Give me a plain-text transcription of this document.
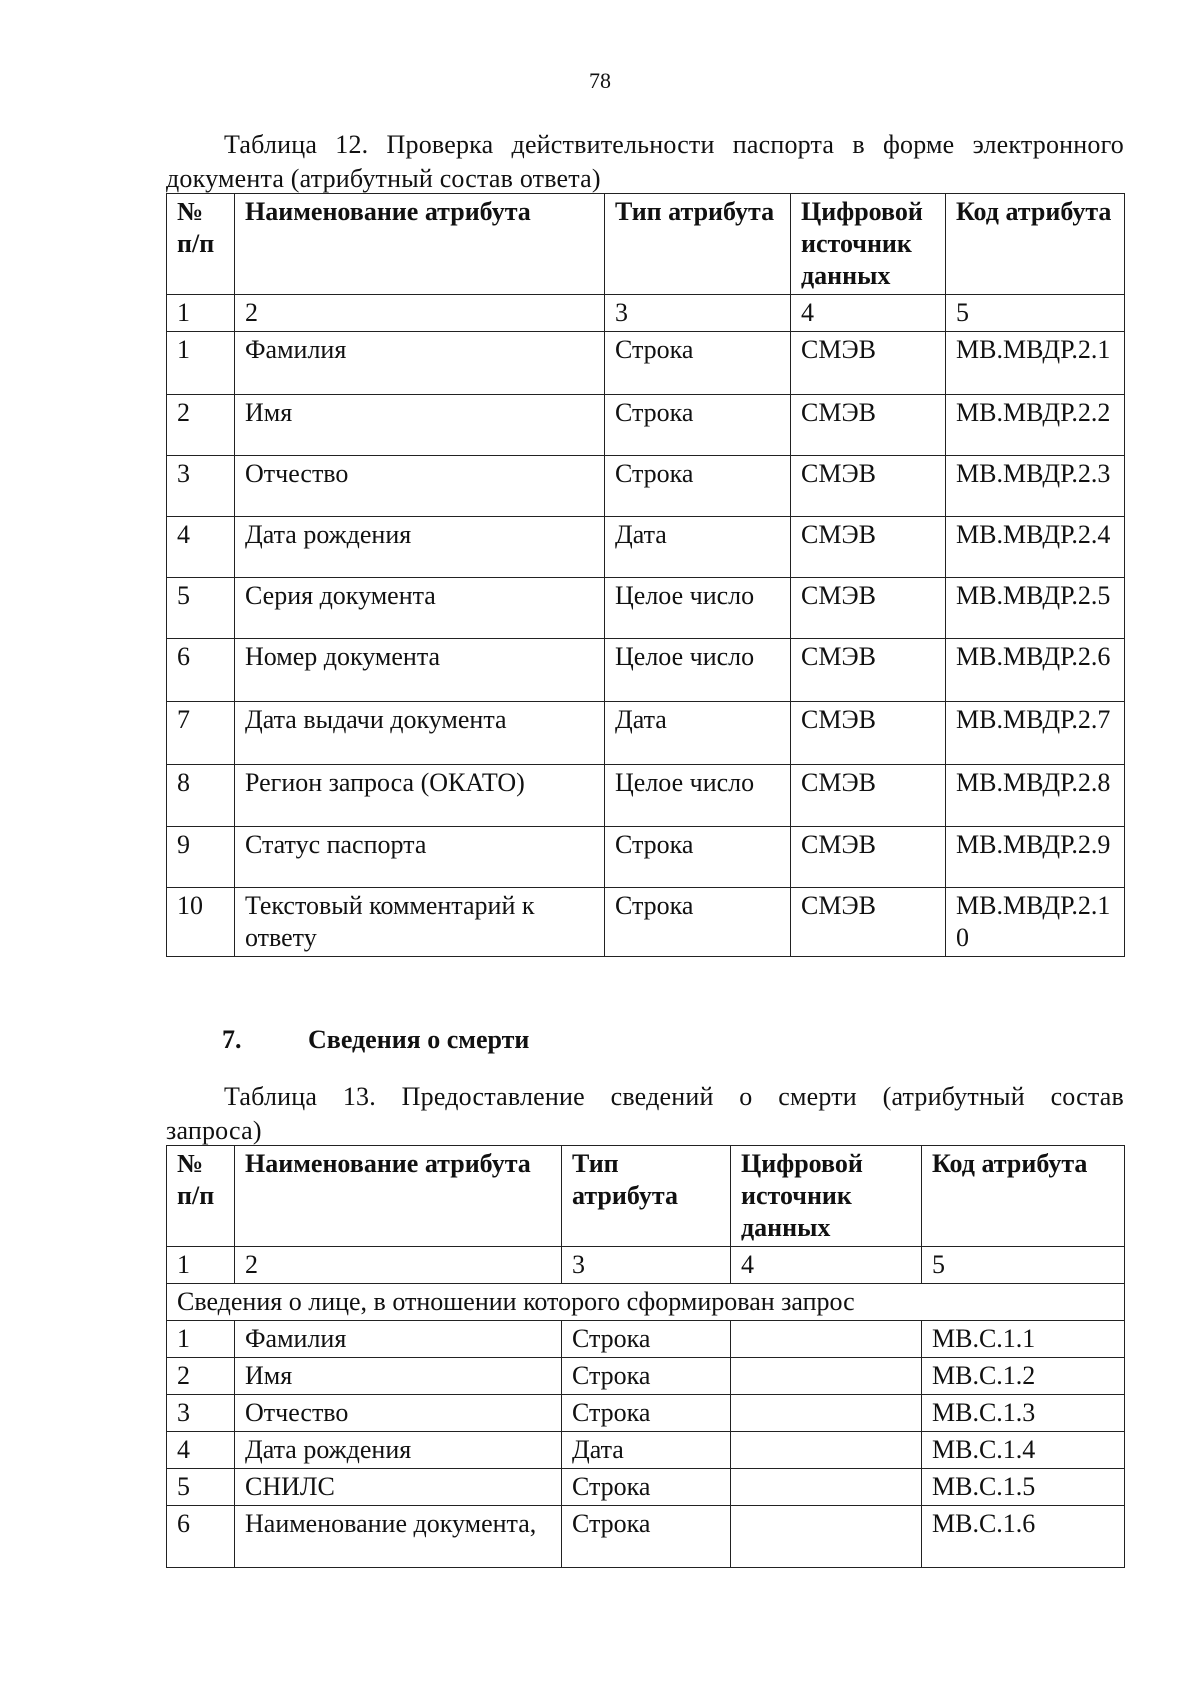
78
Таблица 12. Проверка действительности паспорта в форме электронного документа (атрибутный состав ответа)
№ п/п	Наименование атрибута	Тип атрибута	Цифровой источник данных	Код атрибута
1	2	3	4	5
1	Фамилия	Строка	СМЭВ	МВ.МВДР.2.1
2	Имя	Строка	СМЭВ	МВ.МВДР.2.2
3	Отчество	Строка	СМЭВ	МВ.МВДР.2.3
4	Дата рождения	Дата	СМЭВ	МВ.МВДР.2.4
5	Серия документа	Целое число	СМЭВ	МВ.МВДР.2.5
6	Номер документа	Целое число	СМЭВ	МВ.МВДР.2.6
7	Дата выдачи документа	Дата	СМЭВ	МВ.МВДР.2.7
8	Регион запроса (ОКАТО)	Целое число	СМЭВ	МВ.МВДР.2.8
9	Статус паспорта	Строка	СМЭВ	МВ.МВДР.2.9
10	Текстовый комментарий к ответу	Строка	СМЭВ	МВ.МВДР.2.10
7.	Сведения о смерти
Таблица 13. Предоставление сведений о смерти (атрибутный состав запроса)
№ п/п	Наименование атрибута	Тип атрибута	Цифровой источник данных	Код атрибута
1	2	3	4	5
Сведения о лице, в отношении которого сформирован запрос				
1	Фамилия	Строка		МВ.С.1.1
2	Имя	Строка		МВ.С.1.2
3	Отчество	Строка		МВ.С.1.3
4	Дата рождения	Дата		МВ.С.1.4
5	СНИЛС	Строка		МВ.С.1.5
6	Наименование документа,	Строка		МВ.С.1.6
